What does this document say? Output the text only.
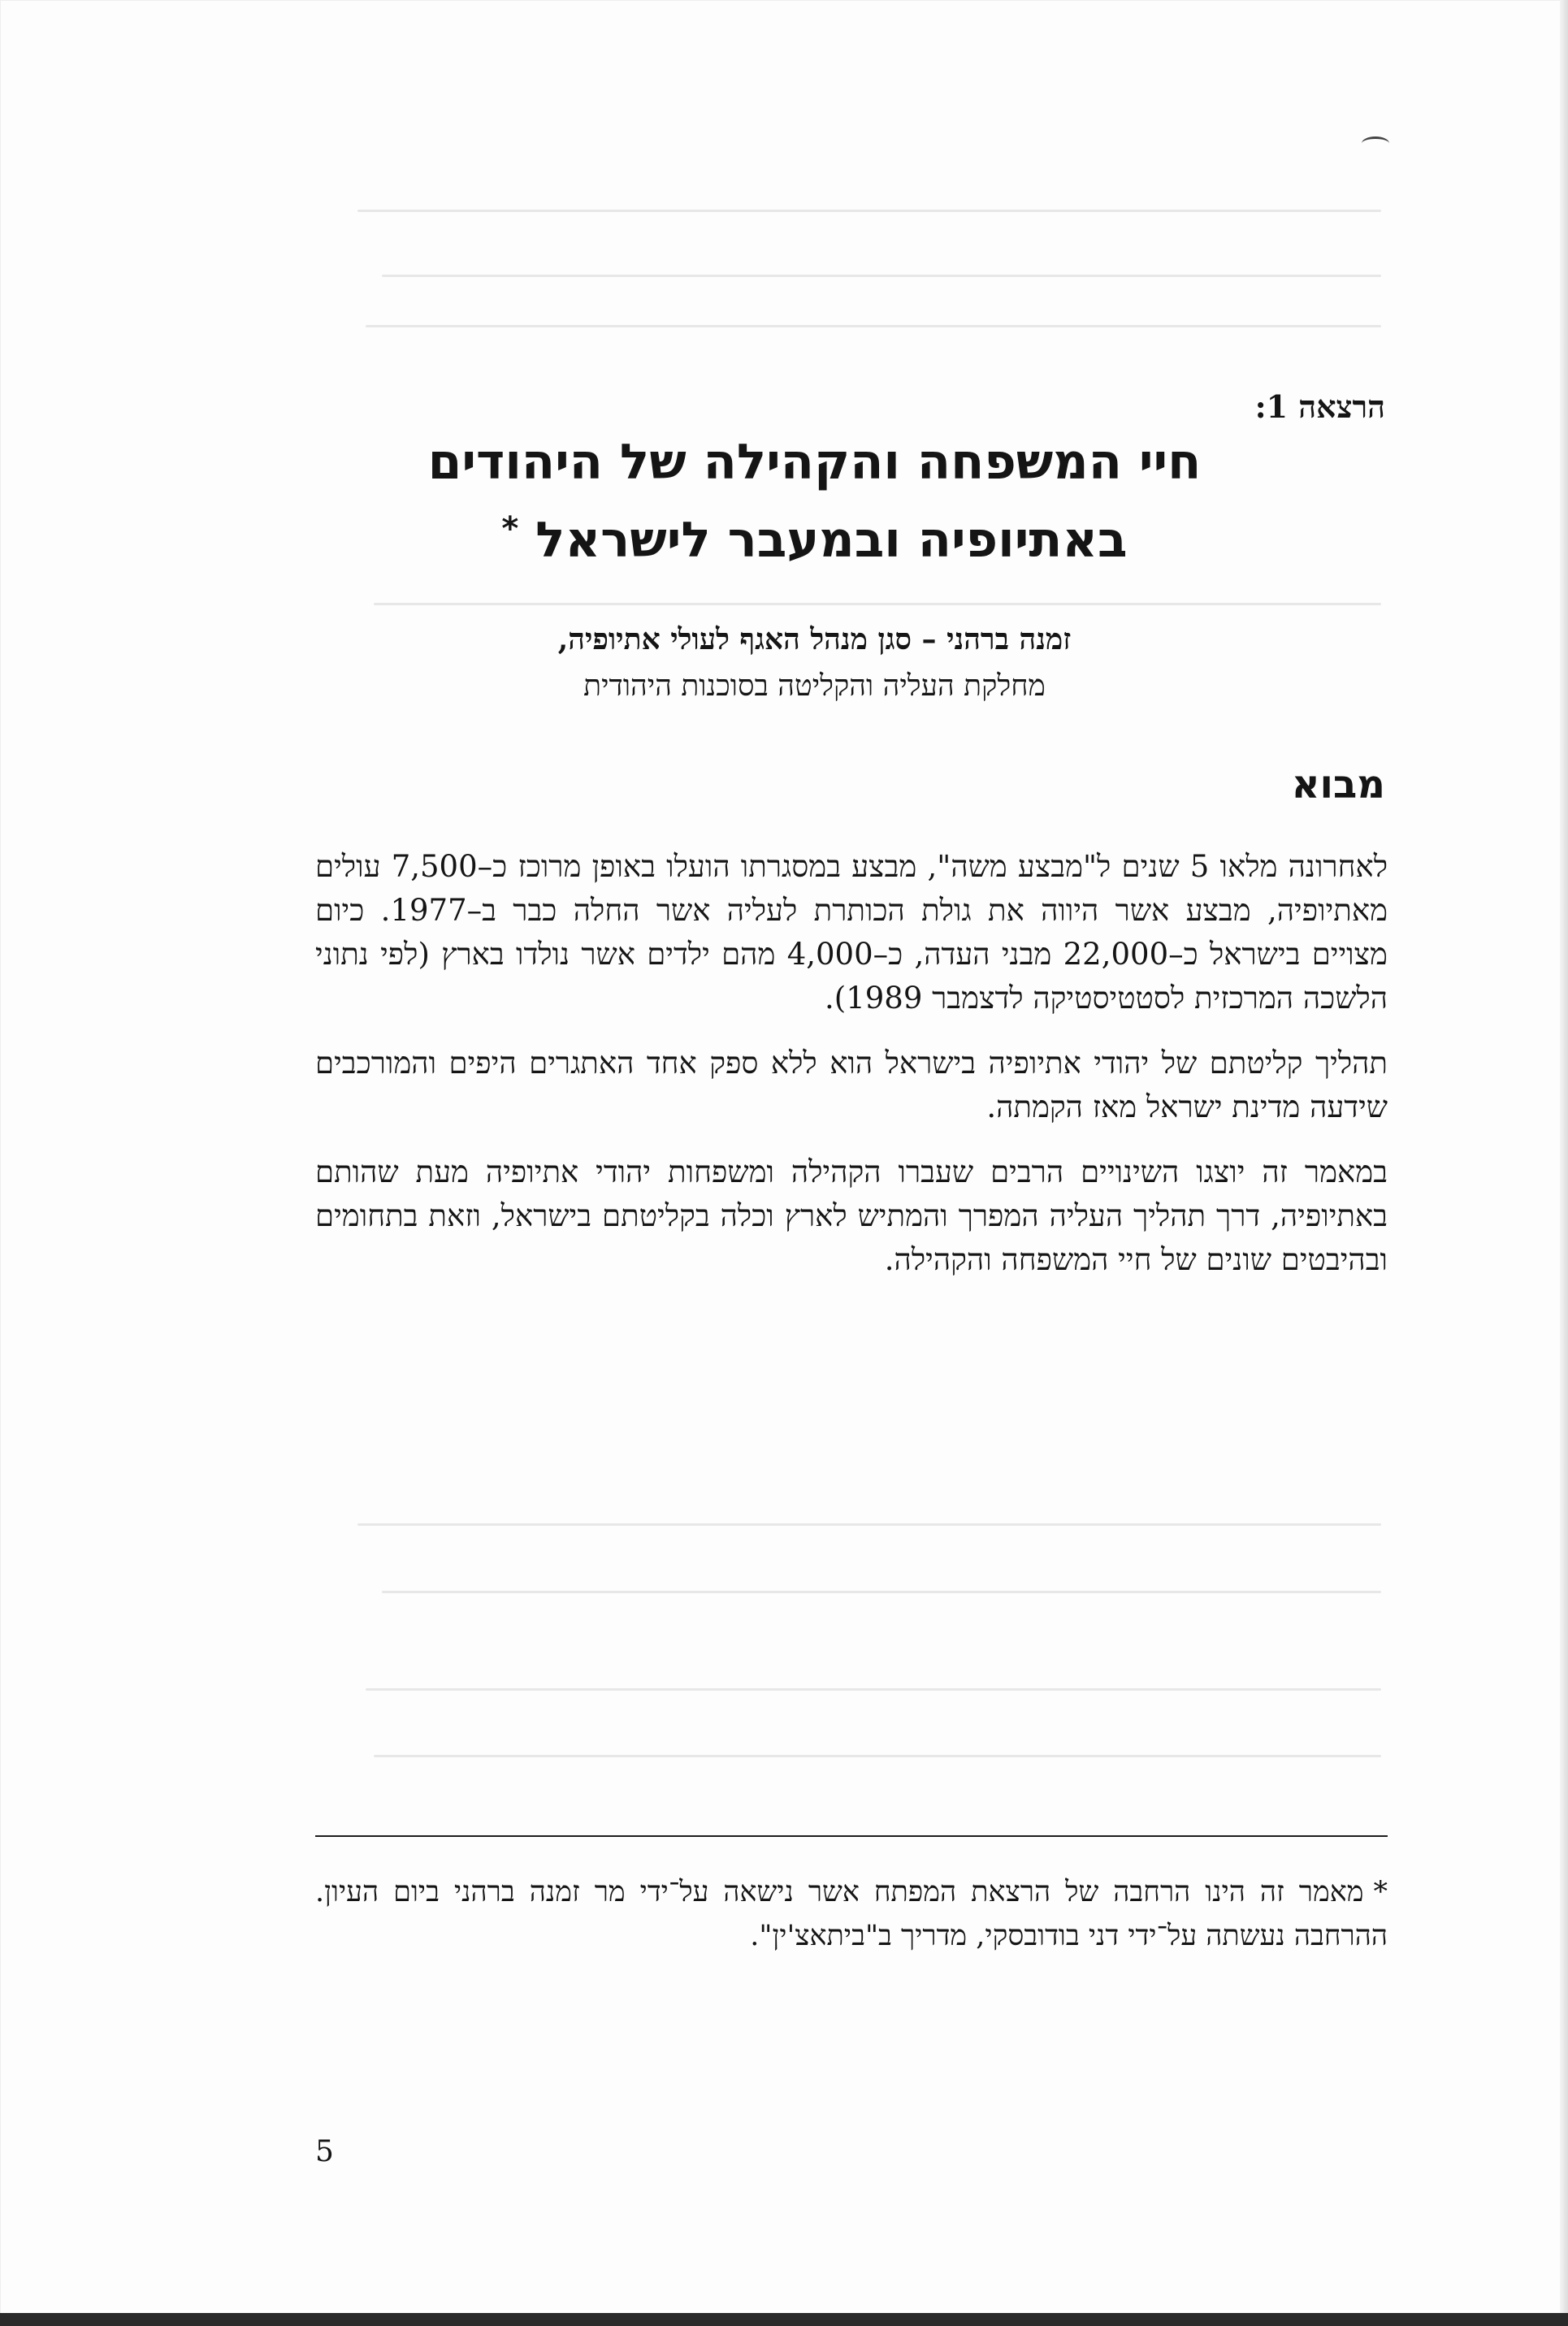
הרצאה 1:
חיי המשפחה והקהילה של היהודים
באתיופיה ובמעבר לישראל *
זמנה ברהני – סגן מנהל האגף לעולי אתיופיה,
מחלקת העליה והקליטה בסוכנות היהודית
מבוא

לאחרונה מלאו 5 שנים ל"מבצע משה", מבצע במסגרתו הועלו באופן מרוכז כ–7,500 עולים מאתיופיה, מבצע אשר היווה את גולת הכותרת לעליה אשר החלה כבר ב–1977. כיום מצויים בישראל כ–22,000 מבני העדה, כ–4,000 מהם ילדים אשר נולדו בארץ (לפי נתוני הלשכה המרכזית לסטטיסטיקה לדצמבר 1989).

תהליך קליטתם של יהודי אתיופיה בישראל הוא ללא ספק אחד האתגרים היפים והמורכבים שידעה מדינת ישראל מאז הקמתה.

במאמר זה יוצגו השינויים הרבים שעברו הקהילה ומשפחות יהודי אתיופיה מעת שהותם באתיופיה, דרך תהליך העליה המפרך והמתיש לארץ וכלה בקליטתם בישראל, וזאת בתחומים ובהיבטים שונים של חיי המשפחה והקהילה.

*מאמר זה הינו הרחבה של הרצאת המפתח אשר נישאה על־ידי מר זמנה ברהני ביום העיון. ההרחבה נעשתה על־ידי דני בודובסקי, מדריך ב"ביתאצ'ין".
5
